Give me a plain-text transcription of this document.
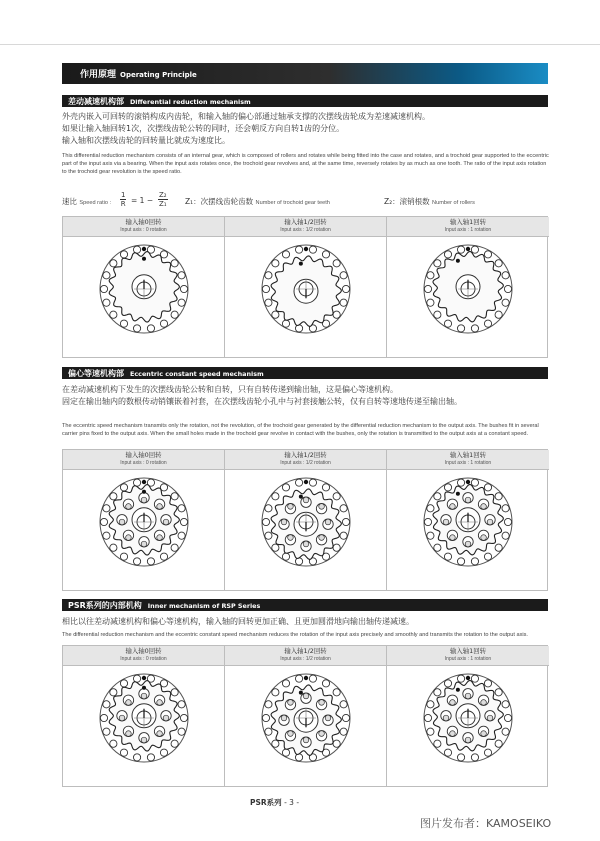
作用原理 Operating Principle
差动减速机构部 Differential reduction mechanism
外壳内嵌入可回转的滚销构成内齿轮，和输入轴的偏心部通过轴承支撑的次摆线齿轮成为差速减速机构。
如果让输入轴回转1次，次摆线齿轮公转的同时，还会朝反方向自转1齿的分位。
输入轴和次摆线齿轮的回转量比就成为速度比。
This differential reduction mechanism consists of an internal gear, which is composed of rollers and rotates while being fitted into the case and rotates, and a trochoid gear supported to the eccentric part of the input axis via a bearing. When the input axis rotates once, the trochoid gear revolves and, at the same time, reversely rotates by as much as one tooth. The ratio of the input axis rotation to the trochoid gear revolution is the speed ratio.
速比 Speed ratio : $\frac{1}{R} = 1 - \frac{\text{Z₂}}{\text{Z₁}} Z_1$：次摆线齿轮齿数 Number of trochoid gear teeth	Z₂：滚销根数 Number of rollers
输入轴0回转
Input axis : 0 rotation
输入轴1/2回转
Input axis : 1/2 rotation
输入轴1回转
Input axis : 1 rotation
偏心等速机构部 Eccentric constant speed mechanism
在差动减速机构下发生的次摆线齿轮公转和自转，只有自转传递到输出轴，这是偏心等速机构。
固定在输出轴内的数根传动销镶嵌着衬套，在次摆线齿轮小孔中与衬套接触公转，仅有自转等速地传递至输出轴。
The eccentric speed mechanism transmits only the rotation, not the revolution, of the trochoid gear generated by the differential reduction mechanism to the output axis. The bushes fit in several carrier pins fixed to the output axis. When the small holes made in the trochoid gear revolve in contact with the bushes, only the rotation is transmitted to the output axis at a constant speed.
输入轴0回转
Input axis : 0 rotation
输入轴1/2回转
Input axis : 1/2 rotation
输入轴1回转
Input axis : 1 rotation
PSR系列的内部机构 Inner mechanism of RSP Series
相比以往差动减速机构和偏心等速机构，输入轴的回转更加正确、且更加圆滑地向输出轴传递减速。
The differential reduction mechanism and the eccentric constant speed mechanism reduces the rotation of the input axis precisely and smoothly and transmits the rotation to the output axis.
输入轴0回转
Input axis : 0 rotation
输入轴1/2回转
Input axis : 1/2 rotation
输入轴1回转
Input axis : 1 rotation
PSR系列 - 3 -
图片发布者：KAMOSEIKO
